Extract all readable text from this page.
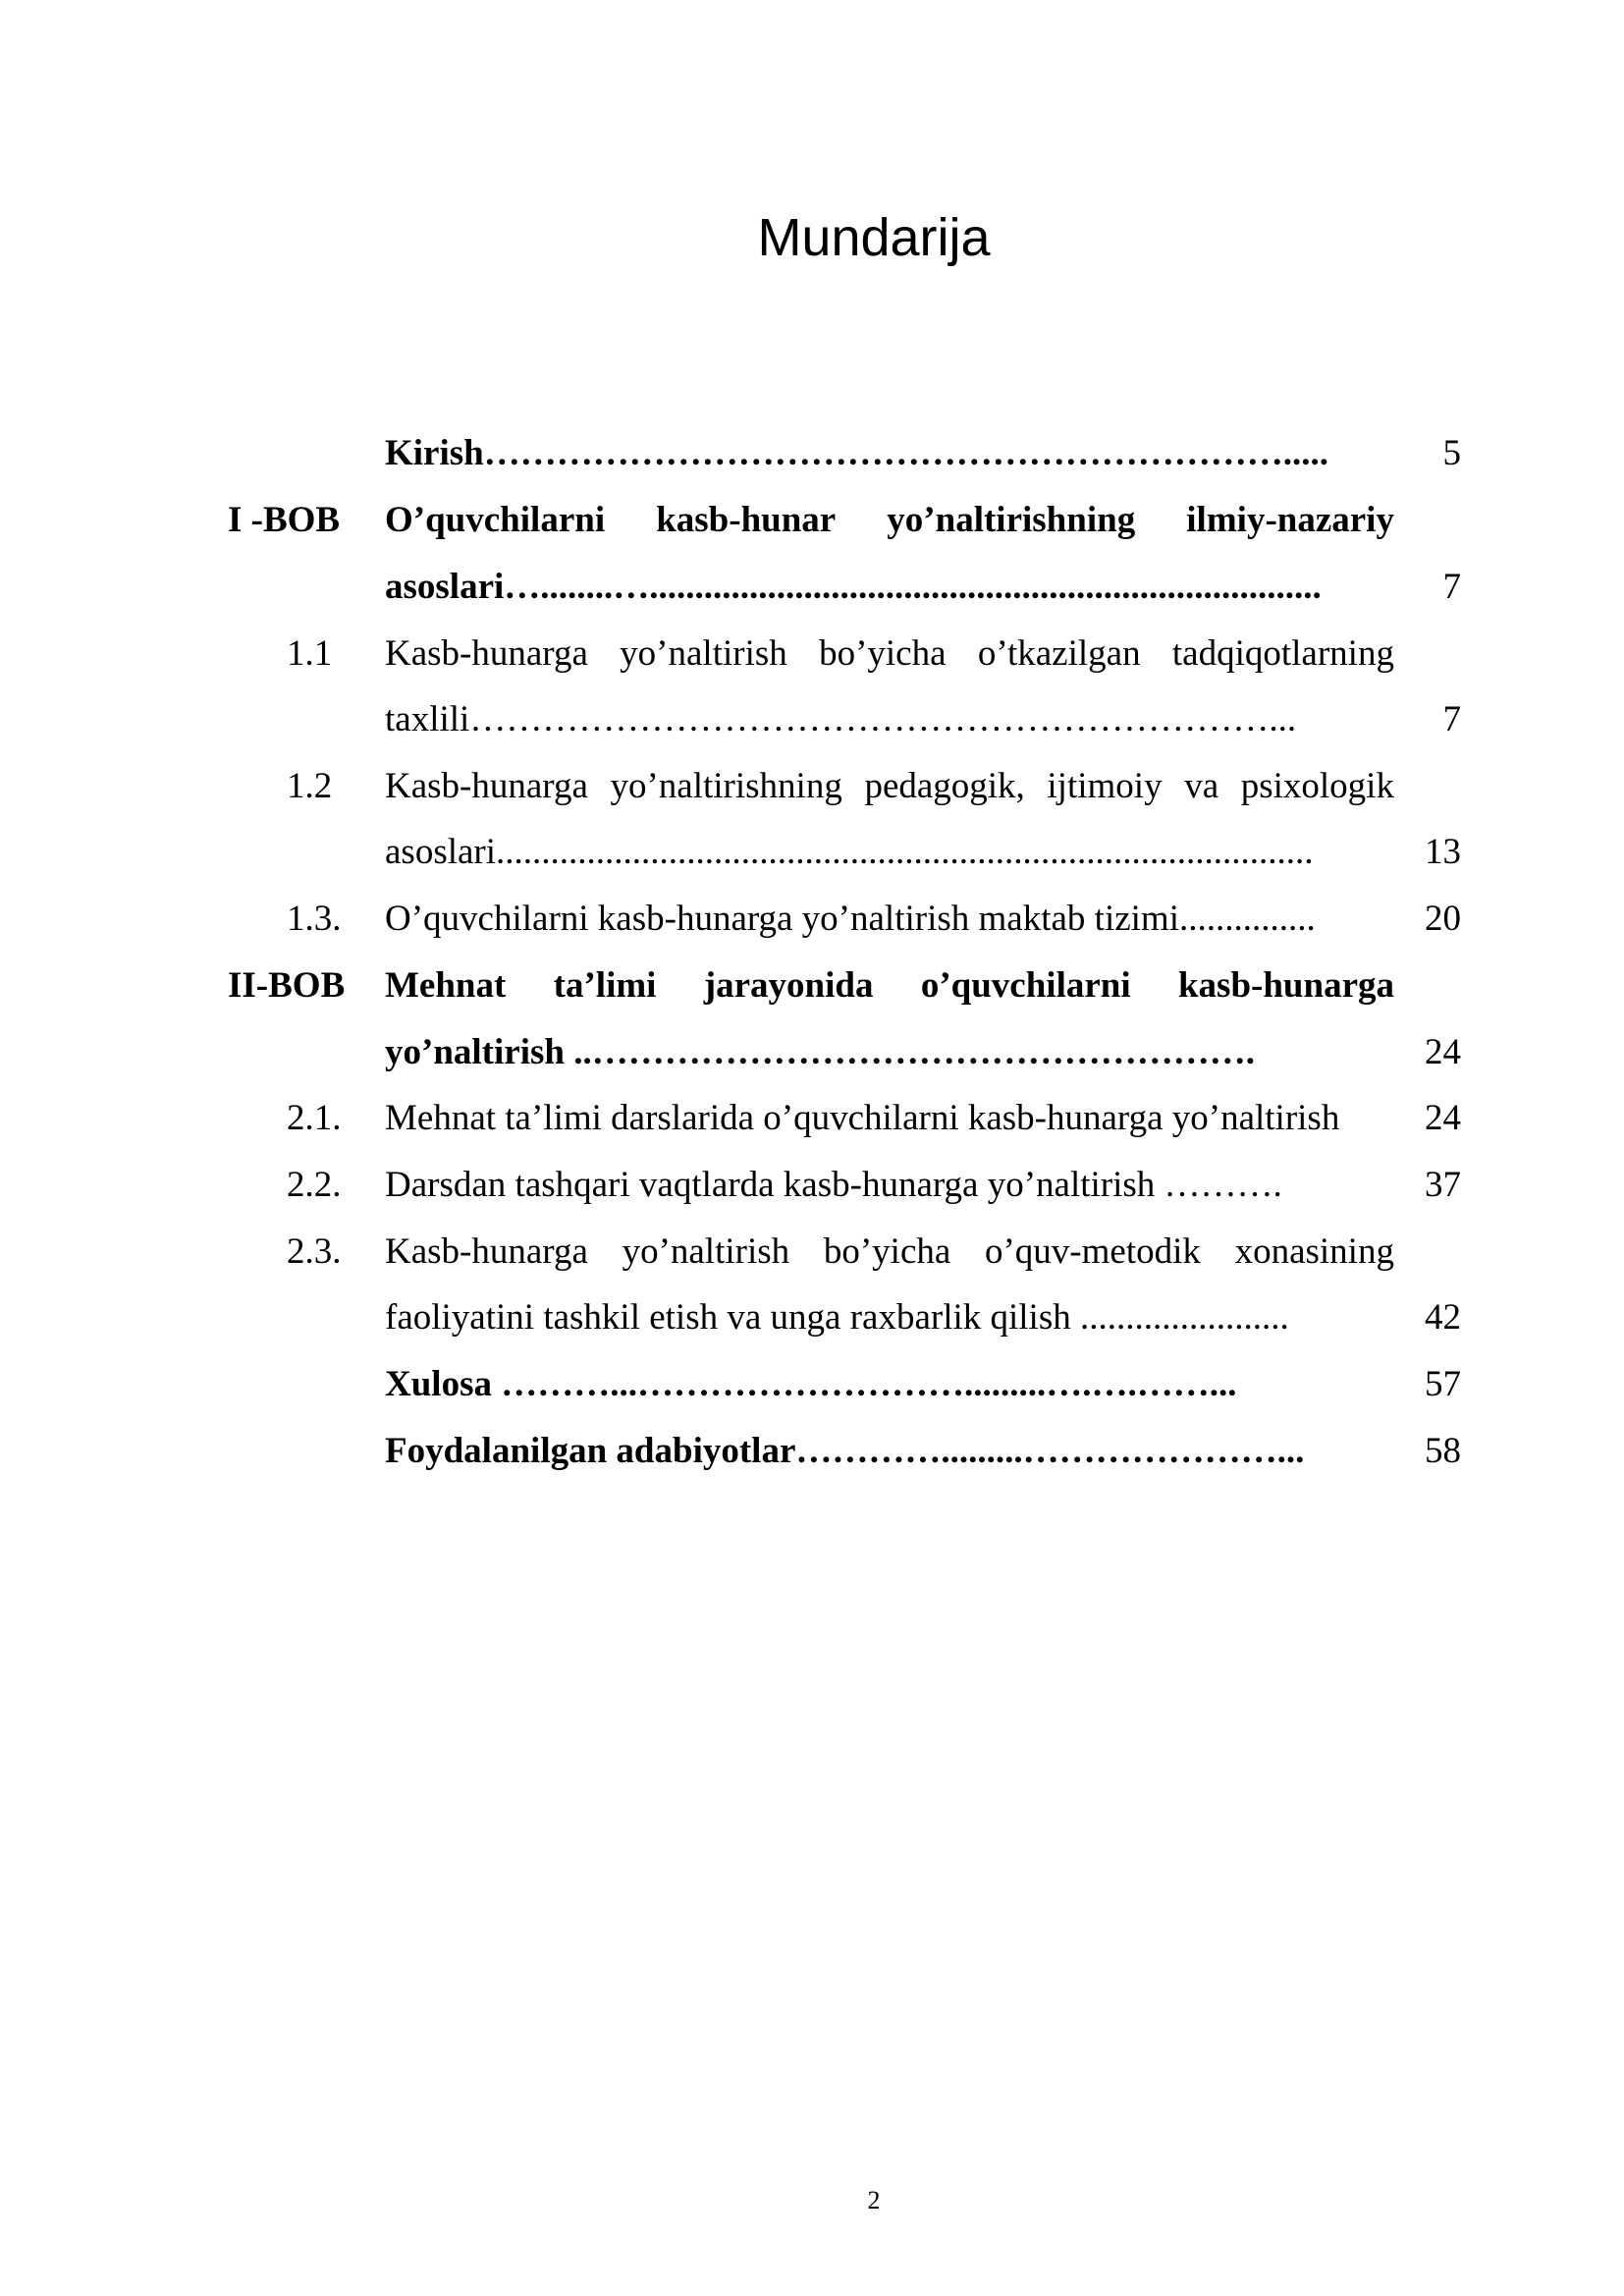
Mundarija
Kirish………………………………………………………….....	5
I -BOB O’quvchilarni kasb-hunar yo’naltirishning ilmiy-nazariy
asoslari…........…..........................................................................	7
1.1 Kasb-hunarga yo’naltirish bo’yicha o’tkazilgan tadqiqotlarning
taxlili…………………………………………………………...	7
1.2 Kasb-hunarga yo’naltirishning pedagogik, ijtimoiy va psixologik
asoslari..........................................................................................	13
1.3. O’quvchilarni kasb-hunarga yo’naltirish maktab tizimi...............	20
II-BOB Mehnat ta’limi jarayonida o’quvchilarni kasb-hunarga
yo’naltirish ..……………………………………………….	24
2.1. Mehnat ta’limi darslarida o’quvchilarni kasb-hunarga yo’naltirish	24
2.2. Darsdan tashqari vaqtlarda kasb-hunarga yo’naltirish ……….	37
2.3. Kasb-hunarga yo’naltirish bo’yicha o’quv-metodik xonasining
faoliyatini tashkil etish va unga raxbarlik qilish .......................	42
Xulosa ………...……………………….........….….……...	57
Foydalanilgan adabiyotlar………….........…………………...	58
2
